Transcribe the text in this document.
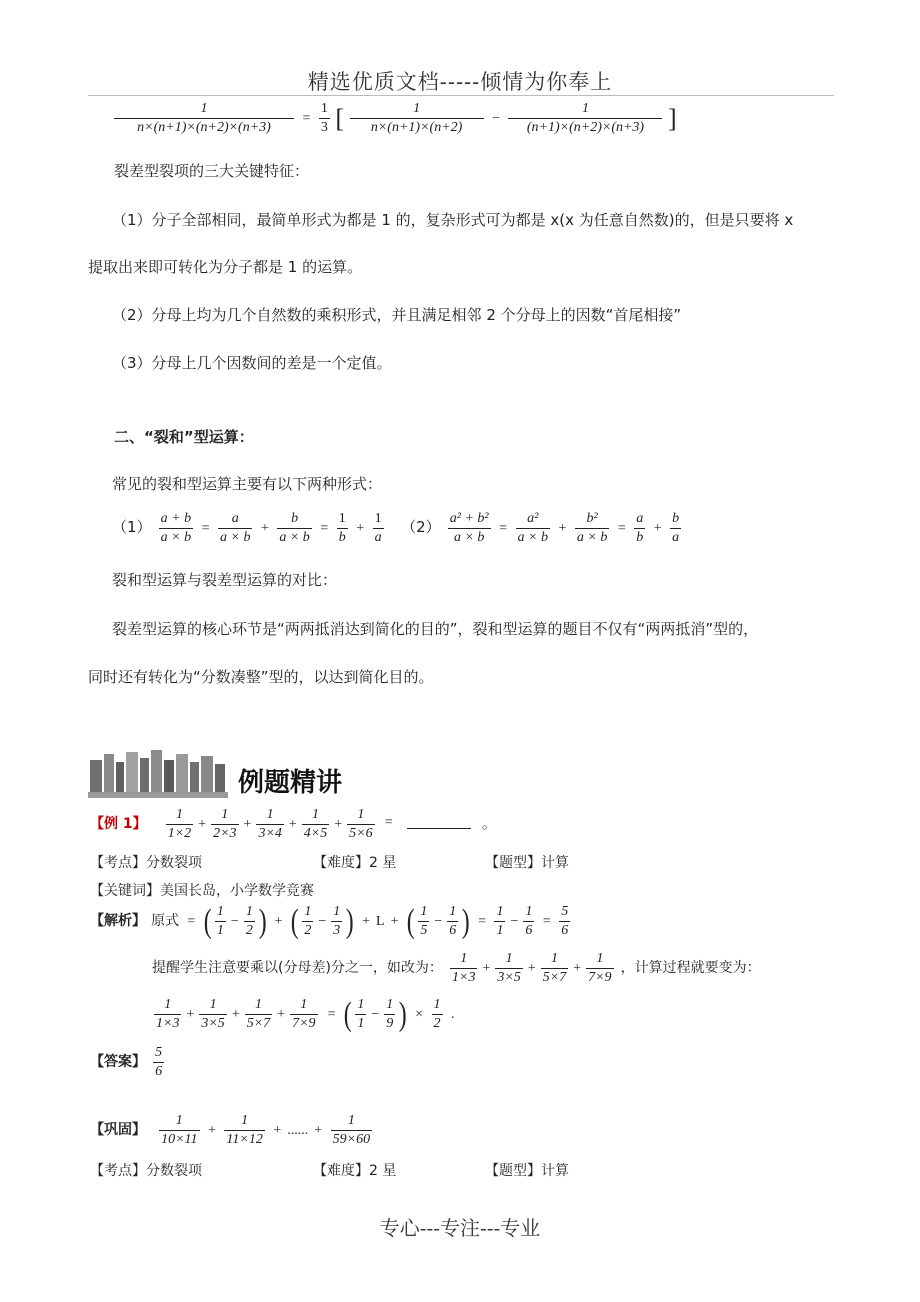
精选优质文档-----倾情为你奉上
$\frac{1}{n\times(n+1)\times(n+2)\times(n+3)} = \frac{1}{3}$ [ $\frac{1}{n\times(n+1)\times(n+2)} - \frac{1}{(n+1)\times(n+2)\times(n+3)}$ ]
裂差型裂项的三大关键特征：
（1）分子全部相同，最简单形式为都是 1 的，复杂形式可为都是 x(x 为任意自然数)的，但是只要将 x
提取出来即可转化为分子都是 1 的运算。
（2）分母上均为几个自然数的乘积形式，并且满足相邻 2 个分母上的因数“首尾相接”
（3）分母上几个因数间的差是一个定值。
二、“裂和”型运算：
常见的裂和型运算主要有以下两种形式：
$(1) \frac{a + b}{a \times b} = \frac{a}{a \times b} + \frac{b}{a \times b} = \frac{1}{b} + \frac{1}{a} (2) \frac{\text{a² + b²}}{a \times b} = \frac{\text{a²}}{a \times b} + \frac{\text{b²}}{a \times b} = \frac{a}{b} + \frac{b}{a}$
裂和型运算与裂差型运算的对比：
裂差型运算的核心环节是“两两抵消达到简化的目的”，裂和型运算的题目不仅有“两两抵消”型的，
同时还有转化为“分数凑整”型的，以达到简化目的。
例题精讲
【例 1】 $\frac{1}{1\times 2} + \frac{1}{2\times 3} + \frac{1}{3\times 4} + \frac{1}{4\times 5} + \frac{1}{5\times 6}$ =	。
【考点】分数裂项	【难度】2 星	【题型】计算
【关键词】美国长岛，小学数学竞赛
【解析】 原式 = ( $\frac{1}{1} - \frac{1}{2}$ ) + ( $\frac{1}{2} - \frac{1}{3}$ ) + L + ( $\frac{1}{5} - \frac{1}{6}$ ) = $\frac{1}{1} - \frac{1}{6} = \frac{5}{6}$
提醒学生注意要乘以(分母差)分之一，如改为： $\frac{1}{1\times 3} + \frac{1}{3\times 5} + \frac{1}{5\times 7} + \frac{1}{7\times 9}$ ，计算过程就要变为：
$\frac{1}{1\times 3} + \frac{1}{3\times 5} + \frac{1}{5\times 7} + \frac{1}{7\times 9}$ = ( $\frac{1}{1} - \frac{1}{9}$ ) × $\frac{1}{2}$ .
【答案】 $\frac{5}{6}$
【巩固】 $\frac{1}{10\times 11} + \frac{1}{11\times 12}$ + ...... + $\frac{1}{59\times 60}$
【考点】分数裂项	【难度】2 星	【题型】计算
专心---专注---专业
